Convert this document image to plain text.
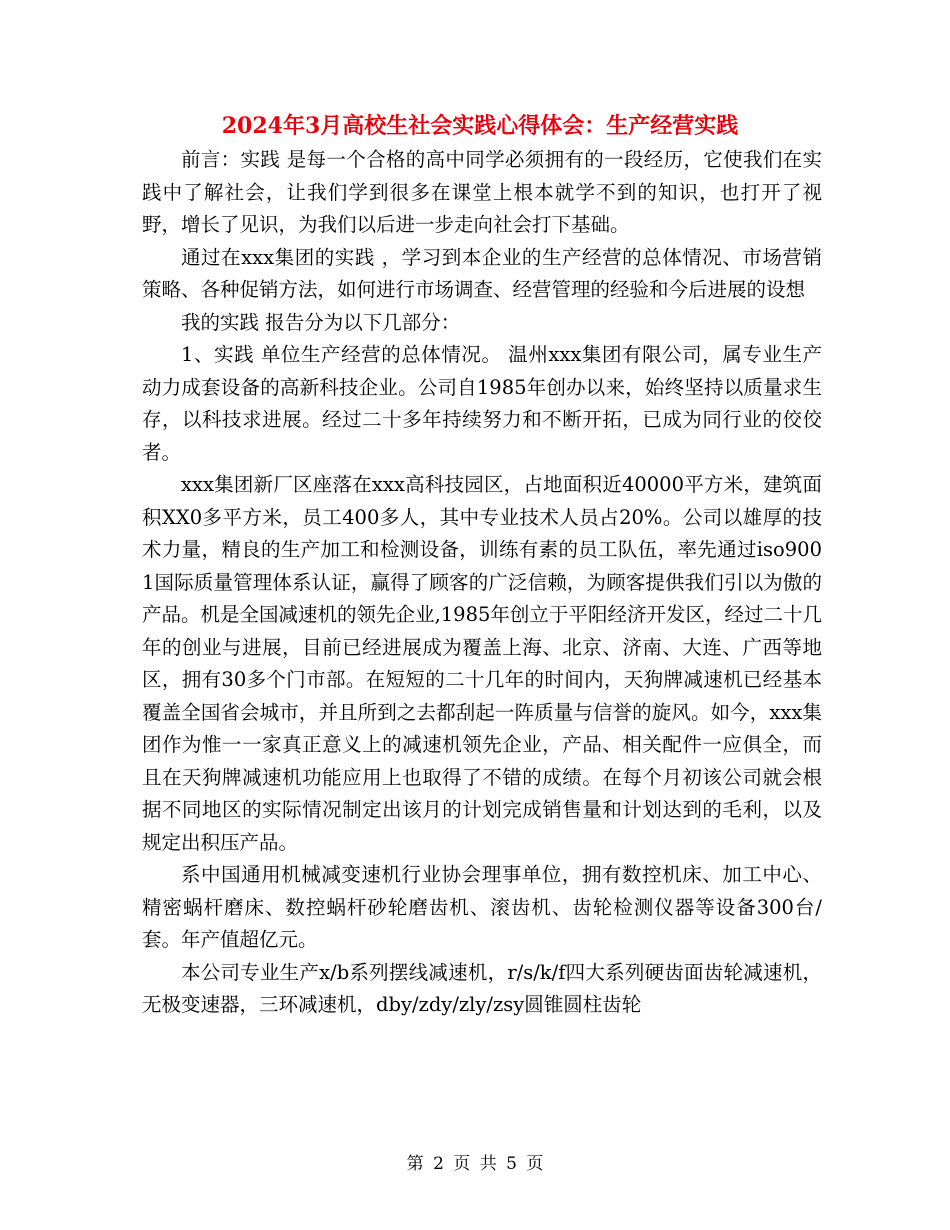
2024年3月高校生社会实践心得体会：生产经营实践

前言：实践 是每一个合格的高中同学必须拥有的一段经历，它使我们在实践中了解社会，让我们学到很多在课堂上根本就学不到的知识，也打开了视野，增长了见识，为我们以后进一步走向社会打下基础。

通过在xxx集团的实践 ，学习到本企业的生产经营的总体情况、市场营销策略、各种促销方法，如何进行市场调查、经营管理的经验和今后进展的设想

我的实践 报告分为以下几部分：

1、实践 单位生产经营的总体情况。 温州xxx集团有限公司，属专业生产动力成套设备的高新科技企业。公司自1985年创办以来，始终坚持以质量求生存，以科技求进展。经过二十多年持续努力和不断开拓，已成为同行业的佼佼者。

xxx集团新厂区座落在xxx高科技园区，占地面积近40000平方米，建筑面积XX0多平方米，员工400多人，其中专业技术人员占20%。公司以雄厚的技术力量，精良的生产加工和检测设备，训练有素的员工队伍，率先通过iso9001国际质量管理体系认证，赢得了顾客的广泛信赖，为顾客提供我们引以为傲的产品。机是全国减速机的领先企业,1985年创立于平阳经济开发区，经过二十几年的创业与进展，目前已经进展成为覆盖上海、北京、济南、大连、广西等地区，拥有30多个门市部。在短短的二十几年的时间内，天狗牌减速机已经基本覆盖全国省会城市，并且所到之去都刮起一阵质量与信誉的旋风。如今，xxx集团作为惟一一家真正意义上的减速机领先企业，产品、相关配件一应俱全，而且在天狗牌减速机功能应用上也取得了不错的成绩。在每个月初该公司就会根据不同地区的实际情况制定出该月的计划完成销售量和计划达到的毛利，以及规定出积压产品。

系中国通用机械减变速机行业协会理事单位，拥有数控机床、加工中心、精密蜗杆磨床、数控蜗杆砂轮磨齿机、滚齿机、齿轮检测仪器等设备300台/套。年产值超亿元。

本公司专业生产x/b系列摆线减速机，r/s/k/f四大系列硬齿面齿轮减速机，无极变速器，三环减速机，dby/zdy/zly/zsy圆锥圆柱齿轮

第 2 页 共 5 页
